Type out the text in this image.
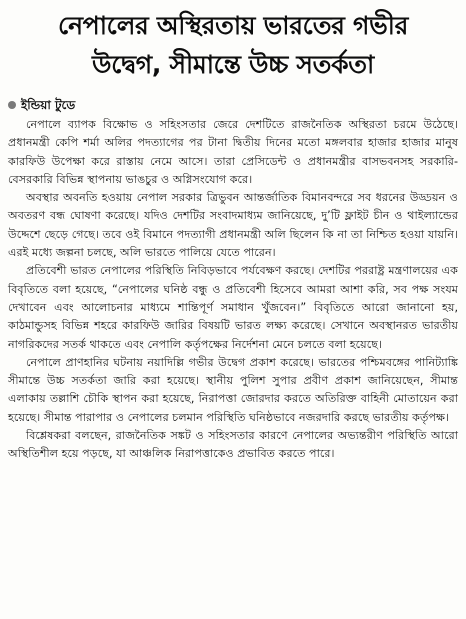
নেপালের অস্থিরতায় ভারতের গভীর
উদ্বেগ, সীমান্তে উচ্চ সতর্কতা
ইন্ডিয়া টুডে

নেপালে ব্যাপক বিক্ষোভ ও সহিংসতার জেরে দেশটিতে রাজনৈতিক অস্থিরতা চরমে উঠেছে। প্রধানমন্ত্রী কেপি শর্মা অলির পদত্যাগের পর টানা দ্বিতীয় দিনের মতো মঙ্গলবার হাজার হাজার মানুষ কারফিউ উপেক্ষা করে রাস্তায় নেমে আসে। তারা প্রেসিডেন্ট ও প্রধানমন্ত্রীর বাসভবনসহ সরকারি-বেসরকারি বিভিন্ন স্থাপনায় ভাঙচুর ও অগ্নিসংযোগ করে।

অবস্থার অবনতি হওয়ায় নেপাল সরকার ত্রিভুবন আন্তর্জাতিক বিমানবন্দরে সব ধরনের উড্ডয়ন ও অবতরণ বন্ধ ঘোষণা করেছে। যদিও দেশটির সংবাদমাধ্যম জানিয়েছে, দু’টি ফ্লাইট চীন ও থাইল্যান্ডের উদ্দেশে ছেড়ে গেছে। তবে ওই বিমানে পদত্যাগী প্রধানমন্ত্রী অলি ছিলেন কি না তা নিশ্চিত হওয়া যায়নি। এরই মধ্যে জল্পনা চলছে, অলি ভারতে পালিয়ে যেতে পারেন।

প্রতিবেশী ভারত নেপালের পরিস্থিতি নিবিড়ভাবে পর্যবেক্ষণ করছে। দেশটির পররাষ্ট্র মন্ত্রণালয়ের এক বিবৃতিতে বলা হয়েছে, “নেপালের ঘনিষ্ঠ বন্ধু ও প্রতিবেশী হিসেবে আমরা আশা করি, সব পক্ষ সংযম দেখাবেন এবং আলোচনার মাধ্যমে শান্তিপূর্ণ সমাধান খুঁজবেন।” বিবৃতিতে আরো জানানো হয়, কাঠমান্ডুসহ বিভিন্ন শহরে কারফিউ জারির বিষয়টি ভারত লক্ষ্য করেছে। সেখানে অবস্থানরত ভারতীয় নাগরিকদের সতর্ক থাকতে এবং নেপালি কর্তৃপক্ষের নির্দেশনা মেনে চলতে বলা হয়েছে।

নেপালে প্রাণহানির ঘটনায় নয়াদিল্লি গভীর উদ্বেগ প্রকাশ করেছে। ভারতের পশ্চিমবঙ্গের পানিট্যাঙ্কি সীমান্তে উচ্চ সতর্কতা জারি করা হয়েছে। স্থানীয় পুলিশ সুপার প্রবীণ প্রকাশ জানিয়েছেন, সীমান্ত এলাকায় তল্লাশি চৌকি স্থাপন করা হয়েছে, নিরাপত্তা জোরদার করতে অতিরিক্ত বাহিনী মোতায়েন করা হয়েছে। সীমান্ত পারাপার ও নেপালের চলমান পরিস্থিতি ঘনিষ্ঠভাবে নজরদারি করছে ভারতীয় কর্তৃপক্ষ।

বিশ্লেষকরা বলছেন, রাজনৈতিক সঙ্কট ও সহিংসতার কারণে নেপালের অভ্যন্তরীণ পরিস্থিতি আরো অস্থিতিশীল হয়ে পড়ছে, যা আঞ্চলিক নিরাপত্তাকেও প্রভাবিত করতে পারে।
